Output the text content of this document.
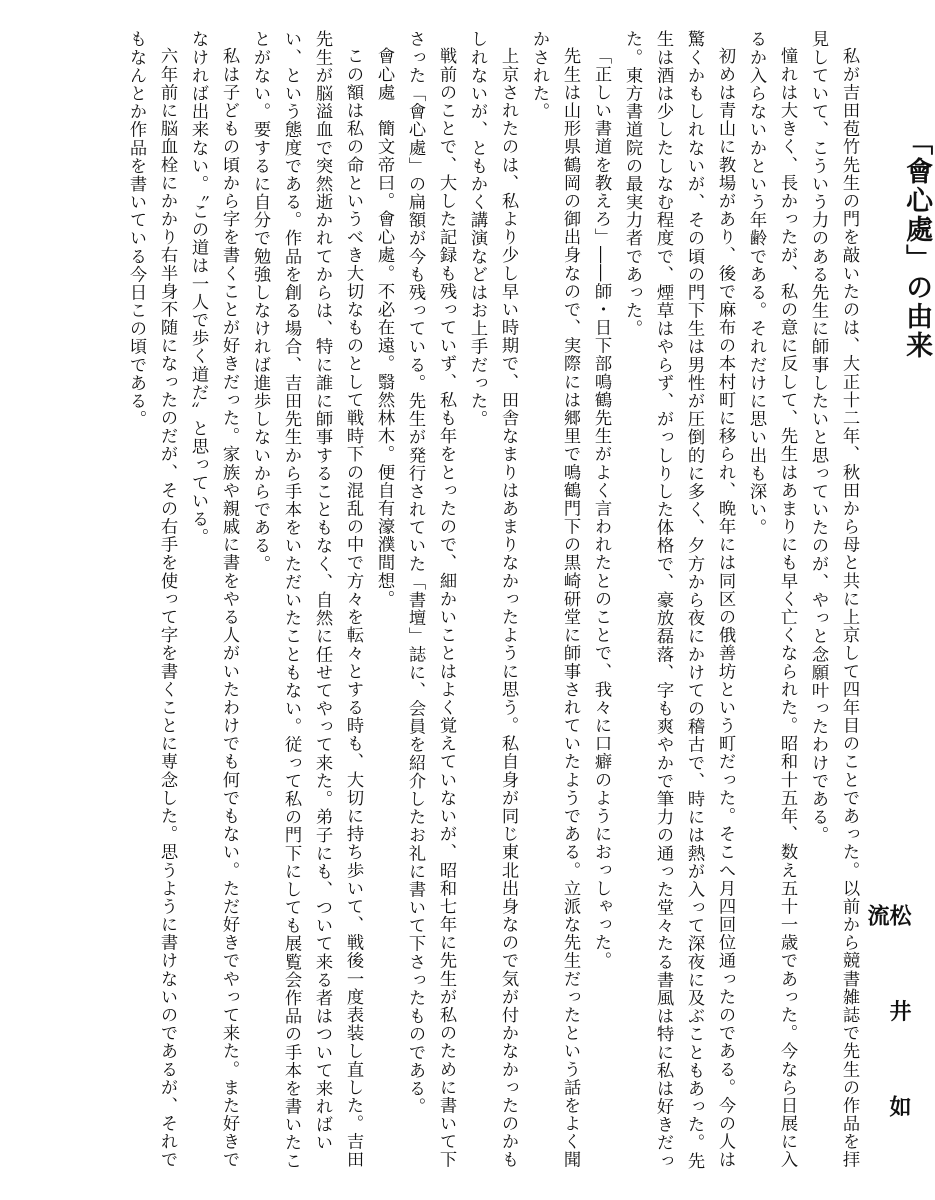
「會心處」の由来
松 井 如 流

私が吉田苞竹先生の門を敲いたのは、大正十二年、秋田から母と共に上京して四年目のことであった。以前から競書雑誌で先生の作品を拝見していて、こういう力のある先生に師事したいと思っていたのが、やっと念願叶ったわけである。

憧れは大きく、長かったが、私の意に反して、先生はあまりにも早く亡くなられた。昭和十五年、数え五十一歳であった。今なら日展に入るか入らないかという年齢である。それだけに思い出も深い。

初めは青山に教場があり、後で麻布の本村町に移られ、晩年には同区の俄善坊という町だった。そこへ月四回位通ったのである。今の人は驚くかもしれないが、その頃の門下生は男性が圧倒的に多く、夕方から夜にかけての稽古で、時には熱が入って深夜に及ぶこともあった。先生は酒は少したしなむ程度で、煙草はやらず、がっしりした体格で、豪放磊落、字も爽やかで筆力の通った堂々たる書風は特に私は好きだった。東方書道院の最実力者であった。

「正しい書道を教えろ」――師・日下部鳴鶴先生がよく言われたとのことで、我々に口癖のようにおっしゃった。

先生は山形県鶴岡の御出身なので、実際には郷里で鳴鶴門下の黒崎研堂に師事されていたようである。立派な先生だったという話をよく聞かされた。

上京されたのは、私より少し早い時期で、田舎なまりはあまりなかったように思う。私自身が同じ東北出身なので気が付かなかったのかもしれないが、ともかく講演などはお上手だった。

戦前のことで、大した記録も残っていず、私も年をとったので、細かいことはよく覚えていないが、昭和七年に先生が私のために書いて下さった「會心處」の扁額が今も残っている。先生が発行されていた「書壇」誌に、会員を紹介したお礼に書いて下さったものである。

會心處　簡文帝曰。會心處。不必在遠。翳然林木。便自有濠濮間想。

この額は私の命というべき大切なものとして戦時下の混乱の中で方々を転々とする時も、大切に持ち歩いて、戦後一度表装し直した。吉田先生が脳溢血で突然逝かれてからは、特に誰に師事することもなく、自然に任せてやって来た。弟子にも、ついて来る者はついて来ればいい、という態度である。作品を創る場合、吉田先生から手本をいただいたこともない。従って私の門下にしても展覧会作品の手本を書いたことがない。要するに自分で勉強しなければ進歩しないからである。

私は子どもの頃から字を書くことが好きだった。家族や親戚に書をやる人がいたわけでも何でもない。ただ好きでやって来た。また好きでなければ出来ない。〝この道は一人で歩く道だ〟と思っている。

六年前に脳血栓にかかり右半身不随になったのだが、その右手を使って字を書くことに専念した。思うように書けないのであるが、それでもなんとか作品を書いている今日この頃である。
